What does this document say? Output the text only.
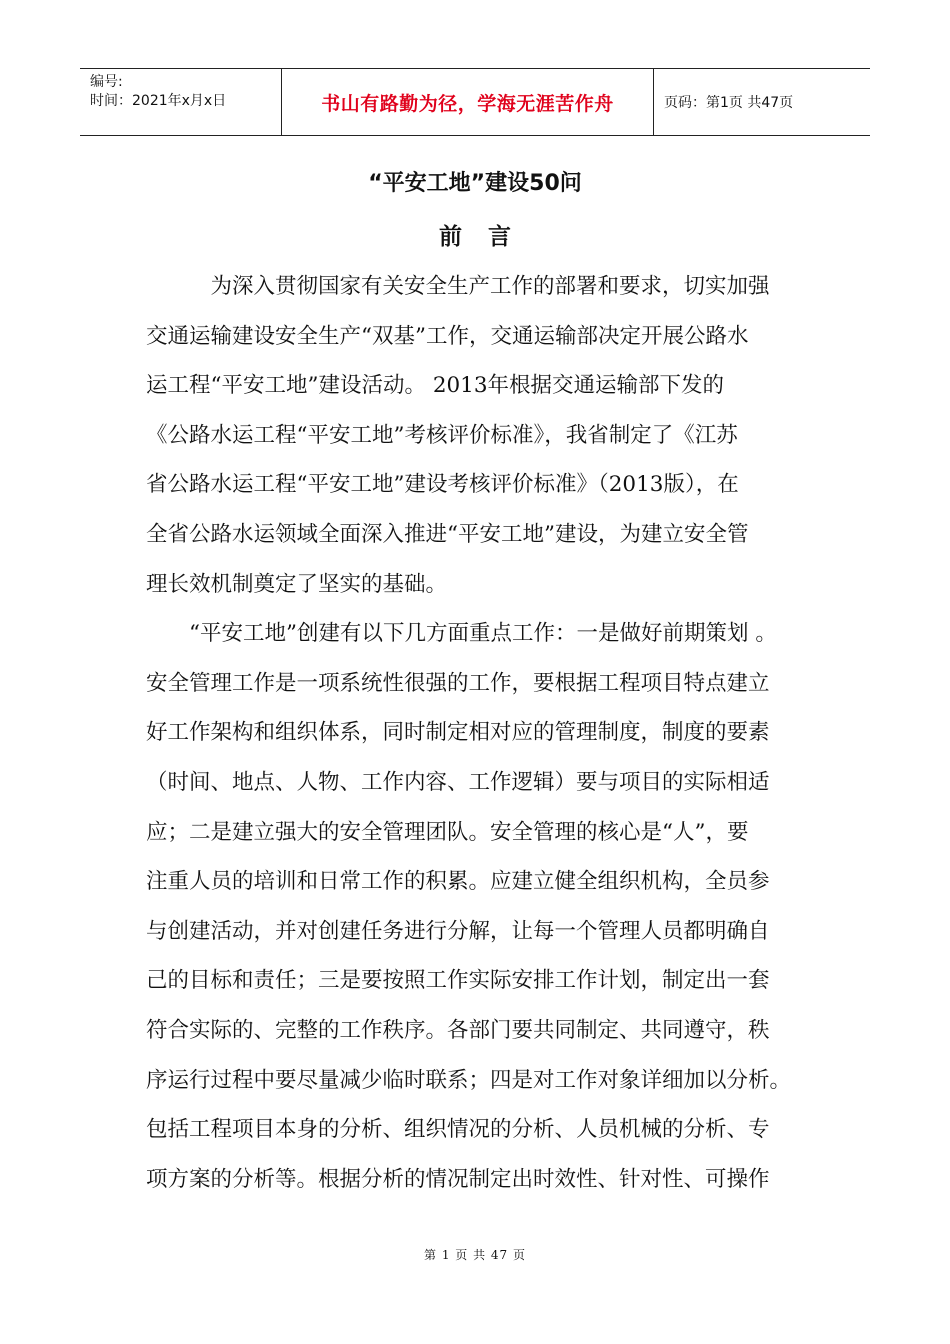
编号:
时间：2021年x月x日	书山有路勤为径，学海无涯苦作舟	页码：第1页 共47页
“平安工地”建设50问
前言
　　　为深入贯彻国家有关安全生产工作的部署和要求，切实加强
交通运输建设安全生产“双基”工作，交通运输部决定开展公路水
运工程“平安工地”建设活动。 2013年根据交通运输部下发的
《公路水运工程“平安工地”考核评价标准》，我省制定了《江苏
省公路水运工程“平安工地”建设考核评价标准》（2013版），在
全省公路水运领域全面深入推进“平安工地”建设，为建立安全管
理长效机制奠定了坚实的基础。
　　“平安工地”创建有以下几方面重点工作：一是做好前期策划 。
安全管理工作是一项系统性很强的工作，要根据工程项目特点建立
好工作架构和组织体系，同时制定相对应的管理制度，制度的要素
（时间、地点、人物、工作内容、工作逻辑）要与项目的实际相适
应；二是建立强大的安全管理团队。安全管理的核心是“人”，要
注重人员的培训和日常工作的积累。应建立健全组织机构，全员参
与创建活动，并对创建任务进行分解，让每一个管理人员都明确自
己的目标和责任；三是要按照工作实际安排工作计划，制定出一套
符合实际的、完整的工作秩序。各部门要共同制定、共同遵守，秩
序运行过程中要尽量减少临时联系；四是对工作对象详细加以分析。
包括工程项目本身的分析、组织情况的分析、人员机械的分析、专
项方案的分析等。根据分析的情况制定出时效性、针对性、可操作
第 1 页 共 47 页
